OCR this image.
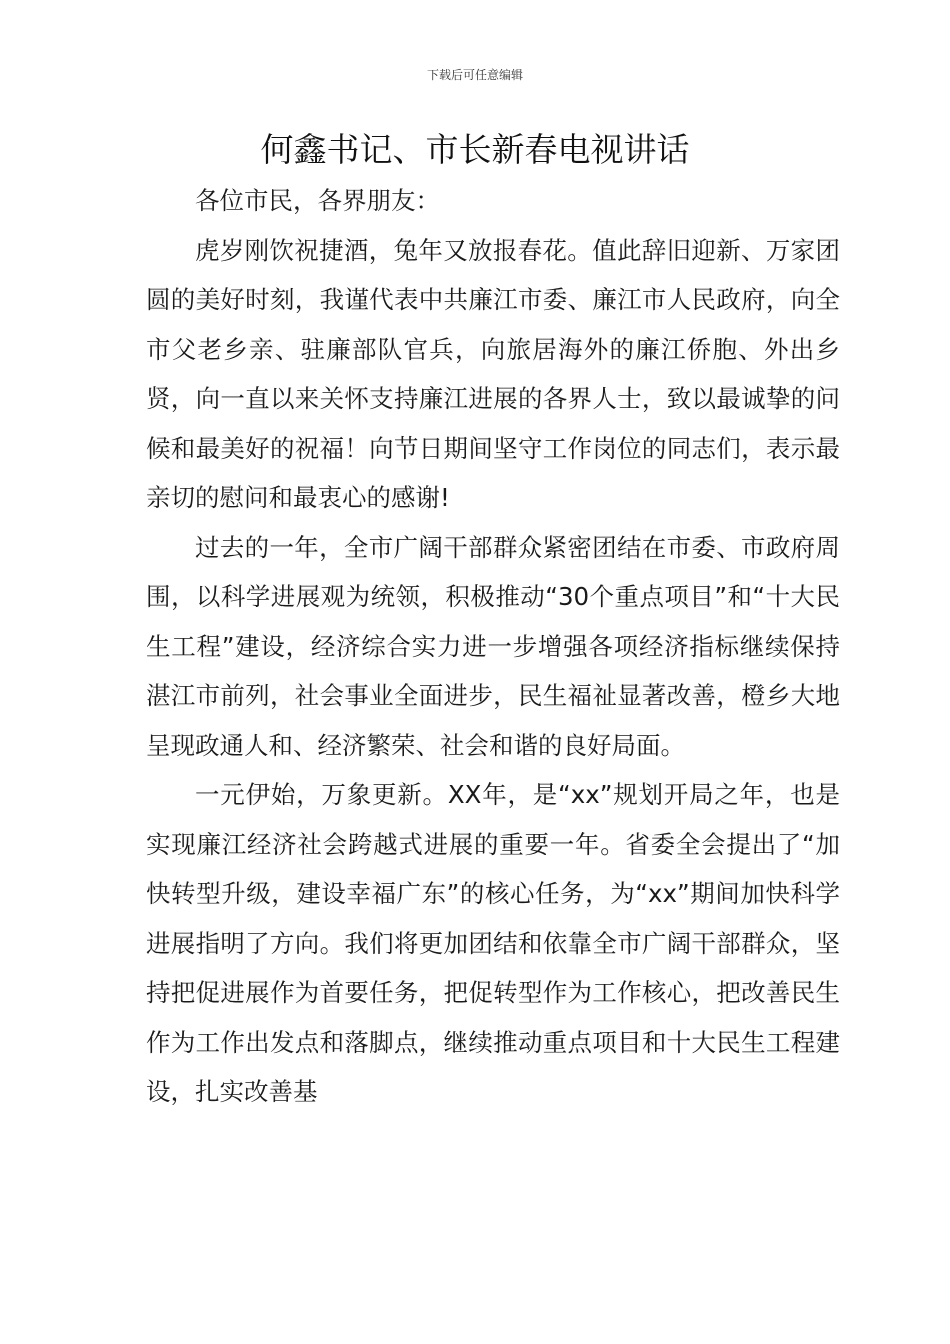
下载后可任意编辑
何鑫书记、市长新春电视讲话

各位市民，各界朋友：

虎岁刚饮祝捷酒，兔年又放报春花。值此辞旧迎新、万家团圆的美好时刻，我谨代表中共廉江市委、廉江市人民政府，向全市父老乡亲、驻廉部队官兵，向旅居海外的廉江侨胞、外出乡贤，向一直以来关怀支持廉江进展的各界人士，致以最诚挚的问候和最美好的祝福！向节日期间坚守工作岗位的同志们，表示最亲切的慰问和最衷心的感谢!

过去的一年，全市广阔干部群众紧密团结在市委、市政府周围，以科学进展观为统领，积极推动“30个重点项目”和“十大民生工程”建设，经济综合实力进一步增强各项经济指标继续保持湛江市前列，社会事业全面进步，民生福祉显著改善，橙乡大地呈现政通人和、经济繁荣、社会和谐的良好局面。

一元伊始，万象更新。XX年，是“xx”规划开局之年，也是实现廉江经济社会跨越式进展的重要一年。省委全会提出了“加快转型升级，建设幸福广东”的核心任务，为“xx”期间加快科学进展指明了方向。我们将更加团结和依靠全市广阔干部群众，坚持把促进展作为首要任务，把促转型作为工作核心，把改善民生作为工作出发点和落脚点，继续推动重点项目和十大民生工程建设，扎实改善基
